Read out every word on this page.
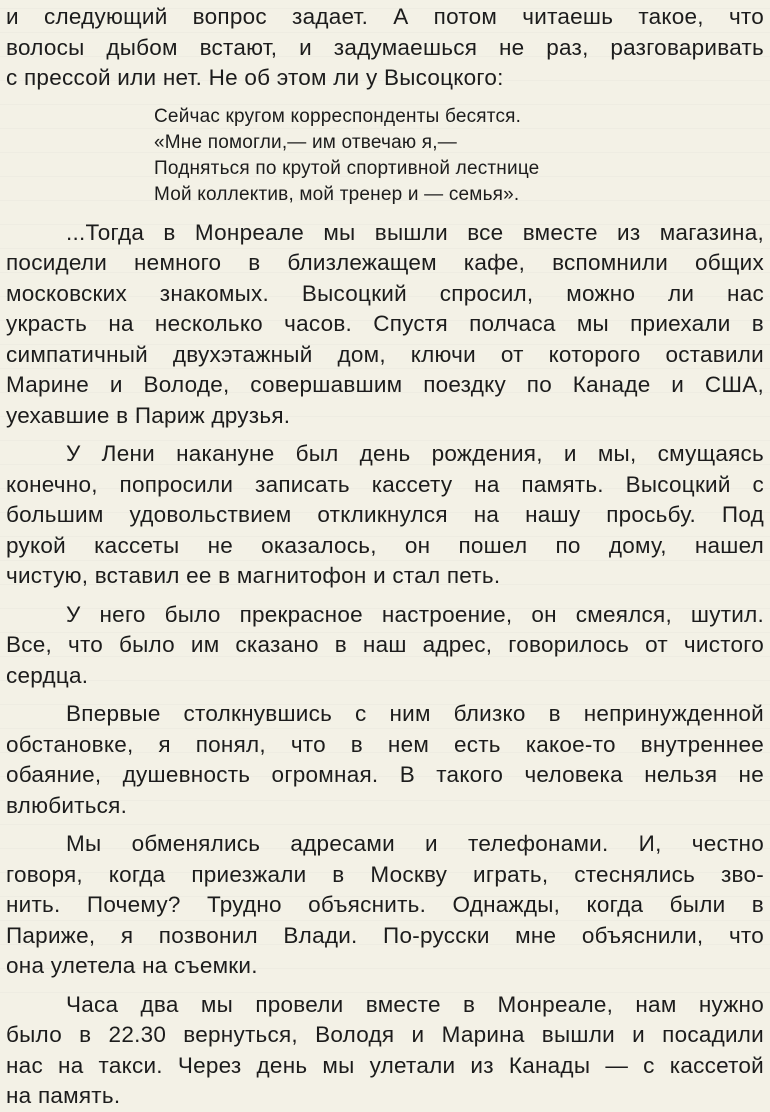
и следующий вопрос задает. А потом читаешь такое, что
волосы дыбом встают, и задумаешься не раз, разговаривать
с прессой или нет. Не об этом ли у Высоцкого:
Сейчас кругом корреспонденты бесятся.
«Мне помогли,— им отвечаю я,—
Подняться по крутой спортивной лестнице
Мой коллектив, мой тренер и — семья».
...Тогда в Монреале мы вышли все вместе из магазина,
посидели немного в близлежащем кафе, вспомнили общих
московских знакомых. Высоцкий спросил, можно ли нас
украсть на несколько часов. Спустя полчаса мы приехали в
симпатичный двухэтажный дом, ключи от которого оставили
Марине и Володе, совершавшим поездку по Канаде и США,
уехавшие в Париж друзья.
У Лени накануне был день рождения, и мы, смущаясь
конечно, попросили записать кассету на память. Высоцкий с
большим удовольствием откликнулся на нашу просьбу. Под
рукой кассеты не оказалось, он пошел по дому, нашел
чистую, вставил ее в магнитофон и стал петь.
У него было прекрасное настроение, он смеялся, шутил.
Все, что было им сказано в наш адрес, говорилось от чистого
сердца.
Впервые столкнувшись с ним близко в непринужденной
обстановке, я понял, что в нем есть какое-то внутреннее
обаяние, душевность огромная. В такого человека нельзя не
влюбиться.
Мы обменялись адресами и телефонами. И, честно
говоря, когда приезжали в Москву играть, стеснялись зво-
нить. Почему? Трудно объяснить. Однажды, когда были в
Париже, я позвонил Влади. По-русски мне объяснили, что
она улетела на съемки.
Часа два мы провели вместе в Монреале, нам нужно
было в 22.30 вернуться, Володя и Марина вышли и посадили
нас на такси. Через день мы улетали из Канады — с кассетой
на память.
